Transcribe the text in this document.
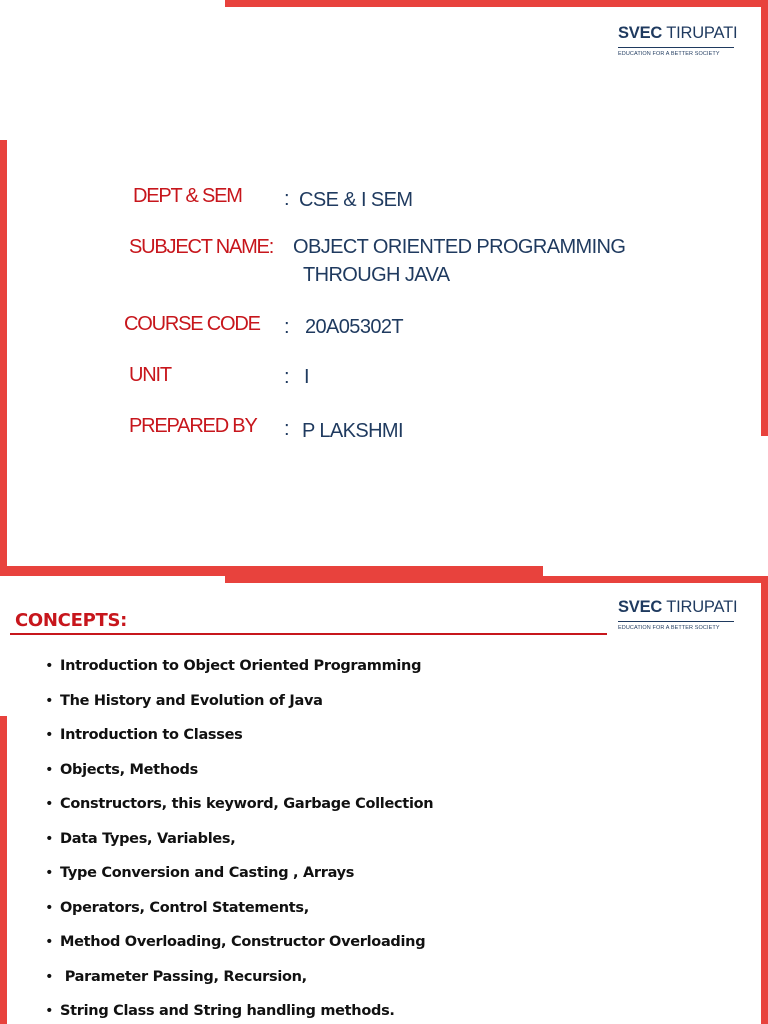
SVEC TIRUPATI
EDUCATION FOR A BETTER SOCIETY
DEPT & SEM : CSE & I SEM
SUBJECT NAME: OBJECT ORIENTED PROGRAMMING
THROUGH JAVA
COURSE CODE : 20A05302T
UNIT	: I
PREPARED BY : P LAKSHMI
SVEC TIRUPATI
EDUCATION FOR A BETTER SOCIETY
CONCEPTS:
• Introduction to Object Oriented Programming
• The History and Evolution of Java
• Introduction to Classes
• Objects, Methods
• Constructors, this keyword, Garbage Collection
• Data Types, Variables,
• Type Conversion and Casting , Arrays
• Operators, Control Statements,
• Method Overloading, Constructor Overloading
• Parameter Passing, Recursion,
• String Class and String handling methods.
